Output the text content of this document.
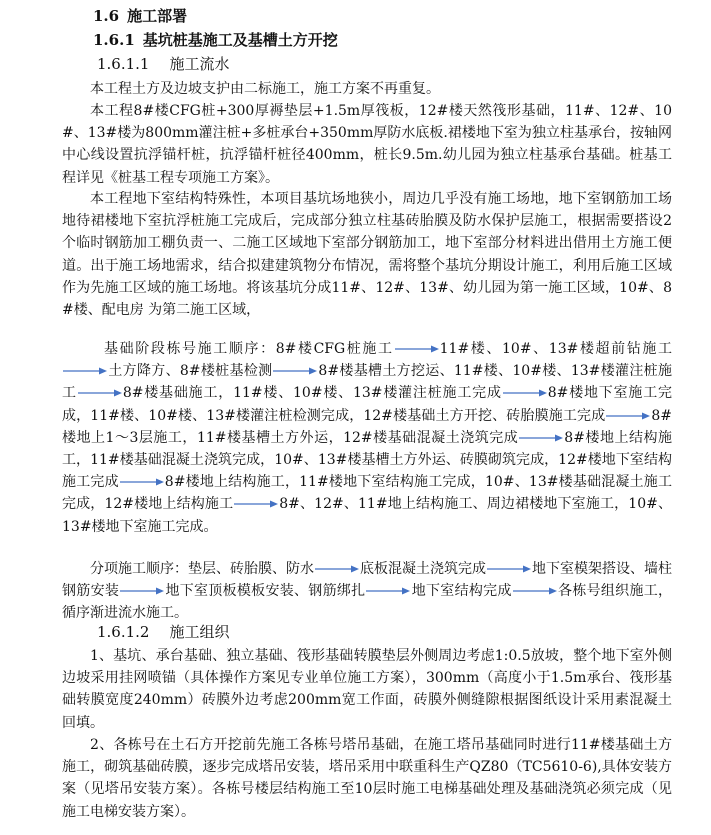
1.6 施工部署
1.6.1 基坑桩基施工及基槽土方开挖
1.6.1.1 施工流水

本工程土方及边坡支护由二标施工，施工方案不再重复。

本工程8#楼CFG桩+300厚褥垫层+1.5m厚筏板，12#楼天然筏形基础，11#、12#、10#、13#楼为800mm灌注桩+多桩承台+350mm厚防水底板.裙楼地下室为独立柱基承台，按轴网中心线设置抗浮锚杆桩，抗浮锚杆桩径400mm，桩长9.5m.幼儿园为独立柱基承台基础。桩基工程详见《桩基工程专项施工方案》。

本工程地下室结构特殊性，本项目基坑场地狭小，周边几乎没有施工场地，地下室钢筋加工场地待裙楼地下室抗浮桩施工完成后，完成部分独立柱基砖胎膜及防水保护层施工，根据需要搭设2个临时钢筋加工棚负责一、二施工区域地下室部分钢筋加工，地下室部分材料进出借用土方施工便道。出于施工场地需求，结合拟建建筑物分布情况，需将整个基坑分期设计施工，利用后施工区域作为先施工区域的施工场地。将该基坑分成11#、12#、13#、幼儿园为第一施工区域，10#、8#楼、配电房 为第二施工区域，

基础阶段栋号施工顺序：8#楼CFG桩施工	11#楼、10#、13#楼超前钻施工
土方降方、8#楼桩基检测	8#楼基槽土方挖运、11#楼、10#楼、13#楼灌注桩施工	8#楼基础施工，11#楼、10#楼、13#楼灌注桩施工完成	8#楼地下室施工完成，11#楼、10#楼、13#楼灌注桩检测完成，12#楼基础土方开挖、砖胎膜施工完成	8#楼地上1～3层施工，11#楼基槽土方外运，12#楼基础混凝土浇筑完成	8#楼地上结构施工，11#楼基础混凝土浇筑完成，10#、13#楼基槽土方外运、砖膜砌筑完成，12#楼地下室结构施工完成	8#楼地上结构施工，11#楼地下室结构施工完成，10#、13#楼基础混凝土施工完成，12#楼地上结构施工	8#、12#、11#地上结构施工、周边裙楼地下室施工，10#、13#楼地下室施工完成。

分项施工顺序：垫层、砖胎膜、防水	底板混凝土浇筑完成	地下室模架搭设、墙柱钢筋安装	地下室顶板模板安装、钢筋绑扎	地下室结构完成	各栋号组织施工，循序渐进流水施工。

1.6.1.2 施工组织

1、基坑、承台基础、独立基础、筏形基础转膜垫层外侧周边考虑1:0.5放坡，整个地下室外侧边坡采用挂网喷锚（具体操作方案见专业单位施工方案），300mm（高度小于1.5m承台、筏形基础转膜宽度240mm）砖膜外边考虑200mm宽工作面，砖膜外侧缝隙根据图纸设计采用素混凝土回填。

2、各栋号在土石方开挖前先施工各栋号塔吊基础，在施工塔吊基础同时进行11#楼基础土方施工，砌筑基础砖膜，逐步完成塔吊安装，塔吊采用中联重科生产QZ80（TC5610-6),具体安装方案（见塔吊安装方案）。各栋号楼层结构施工至10层时施工电梯基础处理及基础浇筑必须完成（见施工电梯安装方案）。
